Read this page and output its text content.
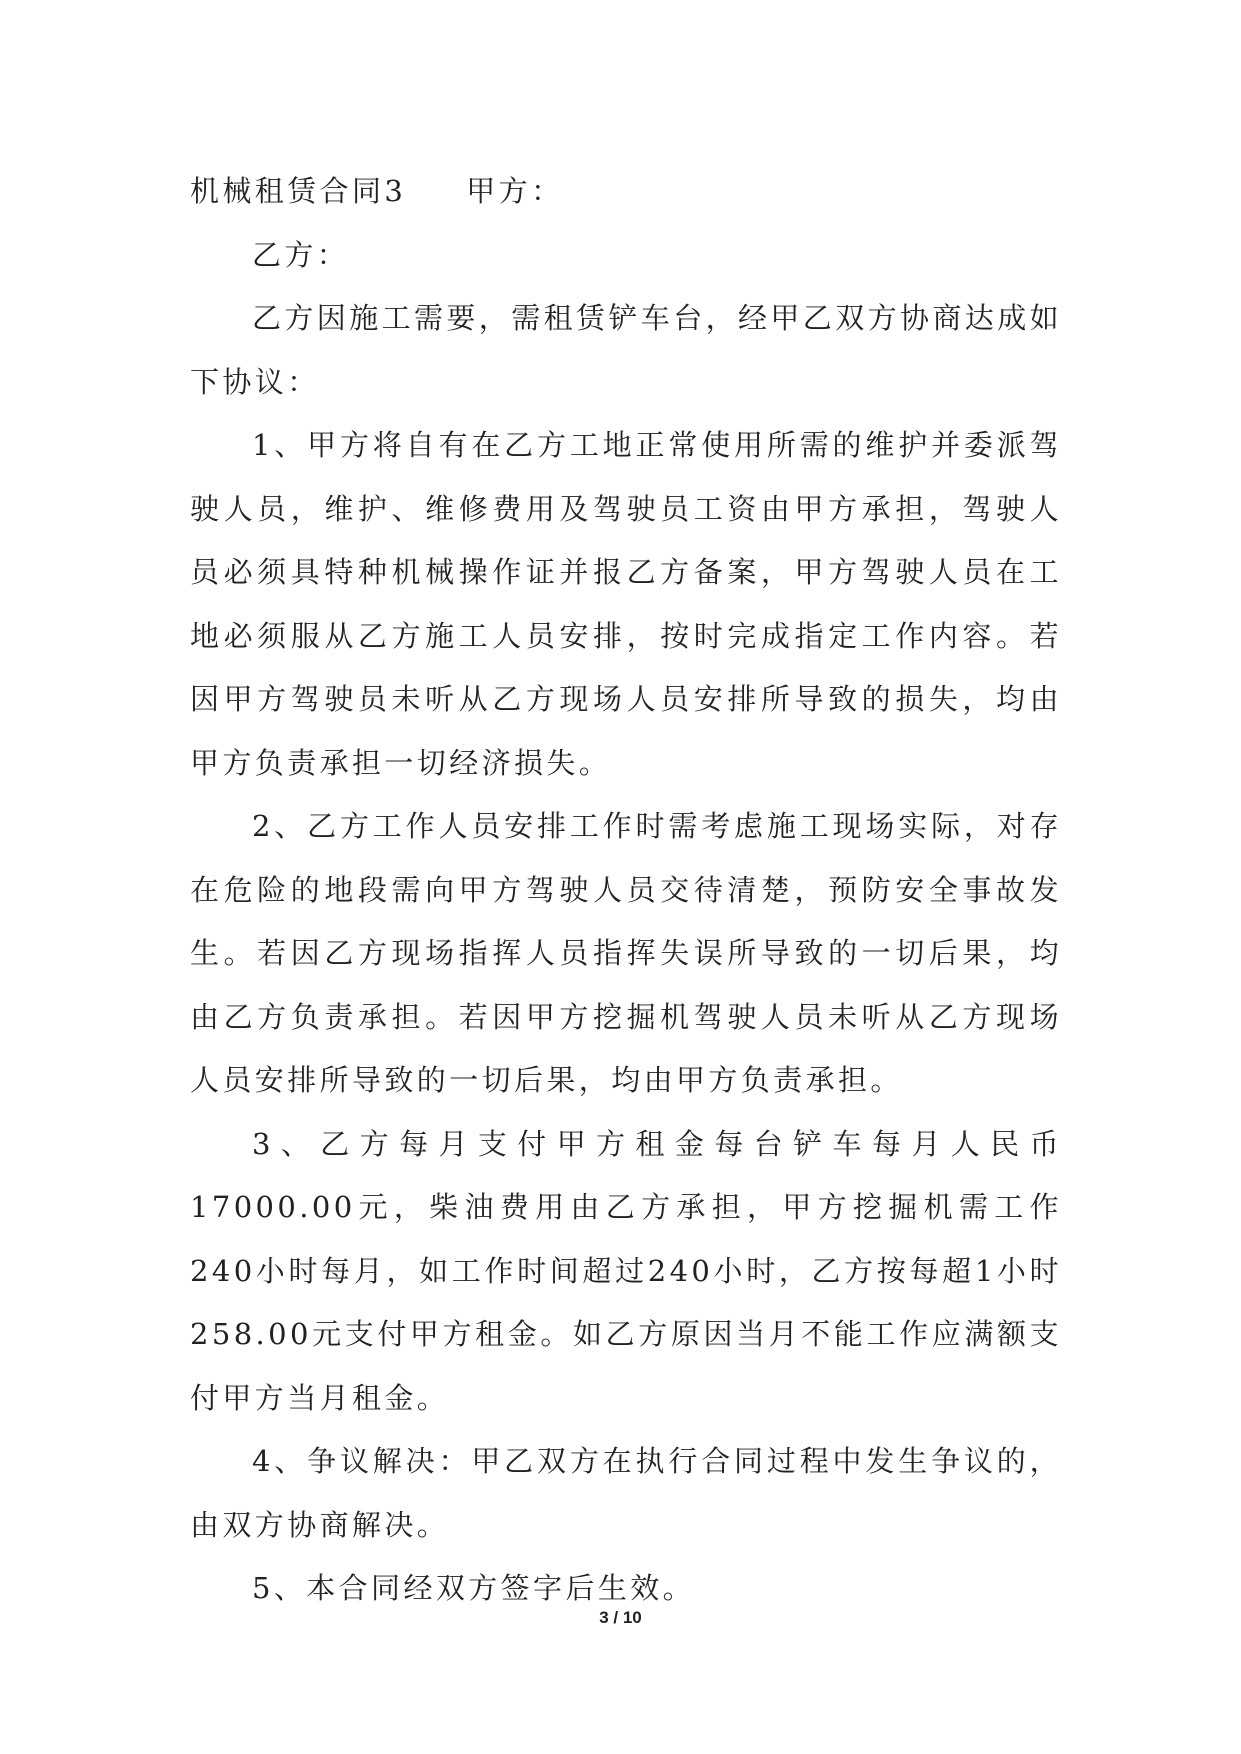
机械租赁合同3 甲方：

乙方：

乙方因施工需要，需租赁铲车台，经甲乙双方协商达成如下协议：

1、甲方将自有在乙方工地正常使用所需的维护并委派驾驶人员，维护、维修费用及驾驶员工资由甲方承担，驾驶人员必须具特种机械操作证并报乙方备案，甲方驾驶人员在工地必须服从乙方施工人员安排，按时完成指定工作内容。若因甲方驾驶员未听从乙方现场人员安排所导致的损失，均由甲方负责承担一切经济损失。

2、乙方工作人员安排工作时需考虑施工现场实际，对存在危险的地段需向甲方驾驶人员交待清楚，预防安全事故发生。若因乙方现场指挥人员指挥失误所导致的一切后果，均由乙方负责承担。若因甲方挖掘机驾驶人员未听从乙方现场人员安排所导致的一切后果，均由甲方负责承担。

3、乙方每月支付甲方租金每台铲车每月人民币17000.00元，柴油费用由乙方承担，甲方挖掘机需工作240小时每月，如工作时间超过240小时，乙方按每超1小时258.00元支付甲方租金。如乙方原因当月不能工作应满额支付甲方当月租金。

4、争议解决：甲乙双方在执行合同过程中发生争议的，由双方协商解决。

5、本合同经双方签字后生效。

3 / 10
